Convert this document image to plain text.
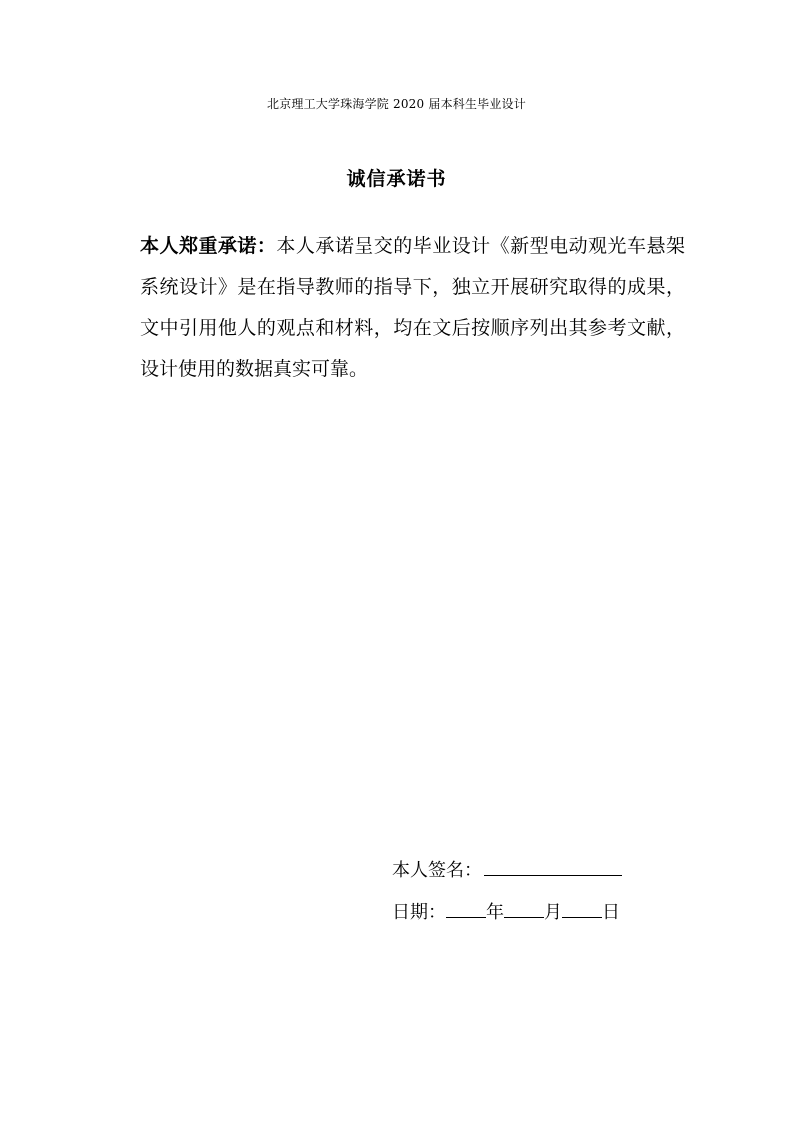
北京理工大学珠海学院 2020 届本科生毕业设计
诚信承诺书

本人郑重承诺：本人承诺呈交的毕业设计《新型电动观光车悬架系统设计》是在指导教师的指导下，独立开展研究取得的成果，文中引用他人的观点和材料，均在文后按顺序列出其参考文献，设计使用的数据真实可靠。

本人签名：
日期： 年 月 日
